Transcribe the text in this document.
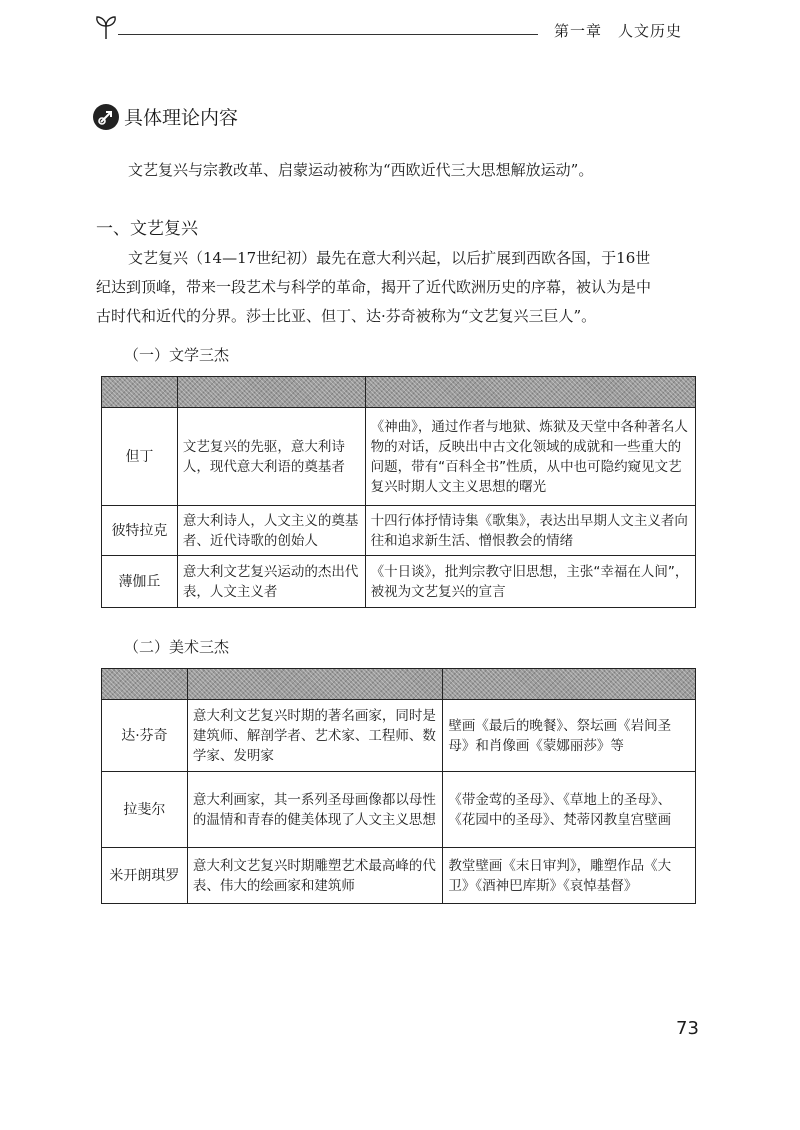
第一章 人文历史
具体理论内容
文艺复兴与宗教改革、启蒙运动被称为“西欧近代三大思想解放运动”。
一、文艺复兴
文艺复兴（14—17世纪初）最先在意大利兴起，以后扩展到西欧各国，于16世
纪达到顶峰，带来一段艺术与科学的革命，揭开了近代欧洲历史的序幕，被认为是中
古时代和近代的分界。莎士比亚、但丁、达·芬奇被称为“文艺复兴三巨人”。
（一）文学三杰

但丁	文艺复兴的先驱，意大利诗人，现代意大利语的奠基者	《神曲》，通过作者与地狱、炼狱及天堂中各种著名人物的对话，反映出中古文化领域的成就和一些重大的问题，带有“百科全书”性质，从中也可隐约窥见文艺复兴时期人文主义思想的曙光
彼特拉克	意大利诗人，人文主义的奠基者、近代诗歌的创始人	十四行体抒情诗集《歌集》，表达出早期人文主义者向往和追求新生活、憎恨教会的情绪
薄伽丘	意大利文艺复兴运动的杰出代表，人文主义者	《十日谈》，批判宗教守旧思想，主张“幸福在人间”，被视为文艺复兴的宣言
（二）美术三杰

达·芬奇	意大利文艺复兴时期的著名画家，同时是建筑师、解剖学者、艺术家、工程师、数学家、发明家	壁画《最后的晚餐》、祭坛画《岩间圣母》和肖像画《蒙娜丽莎》等
拉斐尔	意大利画家，其一系列圣母画像都以母性的温情和青春的健美体现了人文主义思想	《带金莺的圣母》、《草地上的圣母》、《花园中的圣母》、梵蒂冈教皇宫壁画
米开朗琪罗	意大利文艺复兴时期雕塑艺术最高峰的代表、伟大的绘画家和建筑师	教堂壁画《末日审判》，雕塑作品《大卫》《酒神巴库斯》《哀悼基督》
73
